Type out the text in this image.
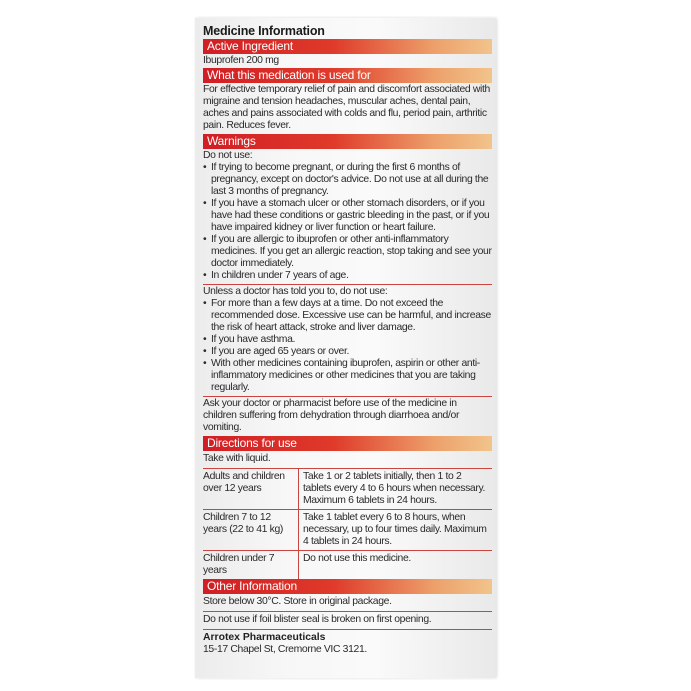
Medicine Information
Active Ingredient
Ibuprofen 200 mg
What this medication is used for
For effective temporary relief of pain and discomfort associated with migraine and tension headaches, muscular aches, dental pain, aches and pains associated with colds and flu, period pain, arthritic pain. Reduces fever.
Warnings
Do not use:
• If trying to become pregnant, or during the first 6 months of pregnancy, except on doctor's advice. Do not use at all during the last 3 months of pregnancy.
• If you have a stomach ulcer or other stomach disorders, or if you have had these conditions or gastric bleeding in the past, or if you have impaired kidney or liver function or heart failure.
• If you are allergic to ibuprofen or other anti-inflammatory medicines. If you get an allergic reaction, stop taking and see your doctor immediately.
• In children under 7 years of age.
Unless a doctor has told you to, do not use:
• For more than a few days at a time. Do not exceed the recommended dose. Excessive use can be harmful, and increase the risk of heart attack, stroke and liver damage.
• If you have asthma.
• If you are aged 65 years or over.
• With other medicines containing ibuprofen, aspirin or other anti-inflammatory medicines or other medicines that you are taking regularly.
Ask your doctor or pharmacist before use of the medicine in children suffering from dehydration through diarrhoea and/or vomiting.
Directions for use
Take with liquid.
Adults and children over 12 years
Take 1 or 2 tablets initially, then 1 to 2 tablets every 4 to 6 hours when necessary. Maximum 6 tablets in 24 hours.
Children 7 to 12 years (22 to 41 kg)
Take 1 tablet every 6 to 8 hours, when necessary, up to four times daily. Maximum 4 tablets in 24 hours.
Children under 7 years
Do not use this medicine.
Other Information
Store below 30°C. Store in original package.
Do not use if foil blister seal is broken on first opening.
Arrotex Pharmaceuticals
15-17 Chapel St, Cremorne VIC 3121.
